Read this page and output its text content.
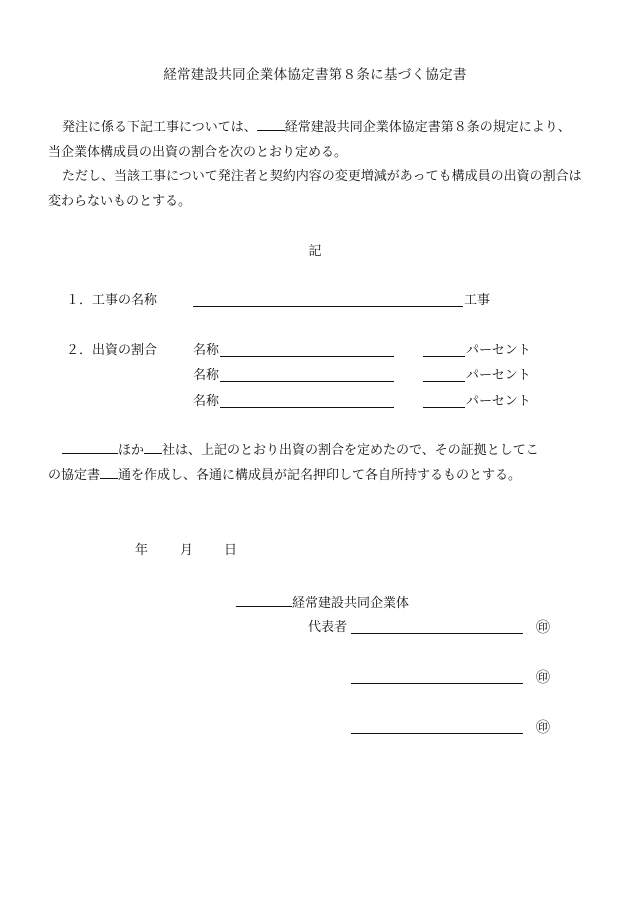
経常建設共同企業体協定書第８条に基づく協定書
発注に係る下記工事については、 経常建設共同企業体協定書第８条の規定により、当企業体構成員の出資の割合を次のとおり定める。
ただし、当該工事について発注者と契約内容の変更増減があっても構成員の出資の割合は変わらないものとする。
記
１． 工事の名称	工事
２． 出資の割合	名称	パーセント
名称	パーセント
名称	パーセント
ほか 社は、上記のとおり出資の割合を定めたので、その証拠としてこ
の協定書 通を作成し、各通に構成員が記名押印して各自所持するものとする。
年 月 日
経常建設共同企業体
代表者	㊞
㊞
㊞
